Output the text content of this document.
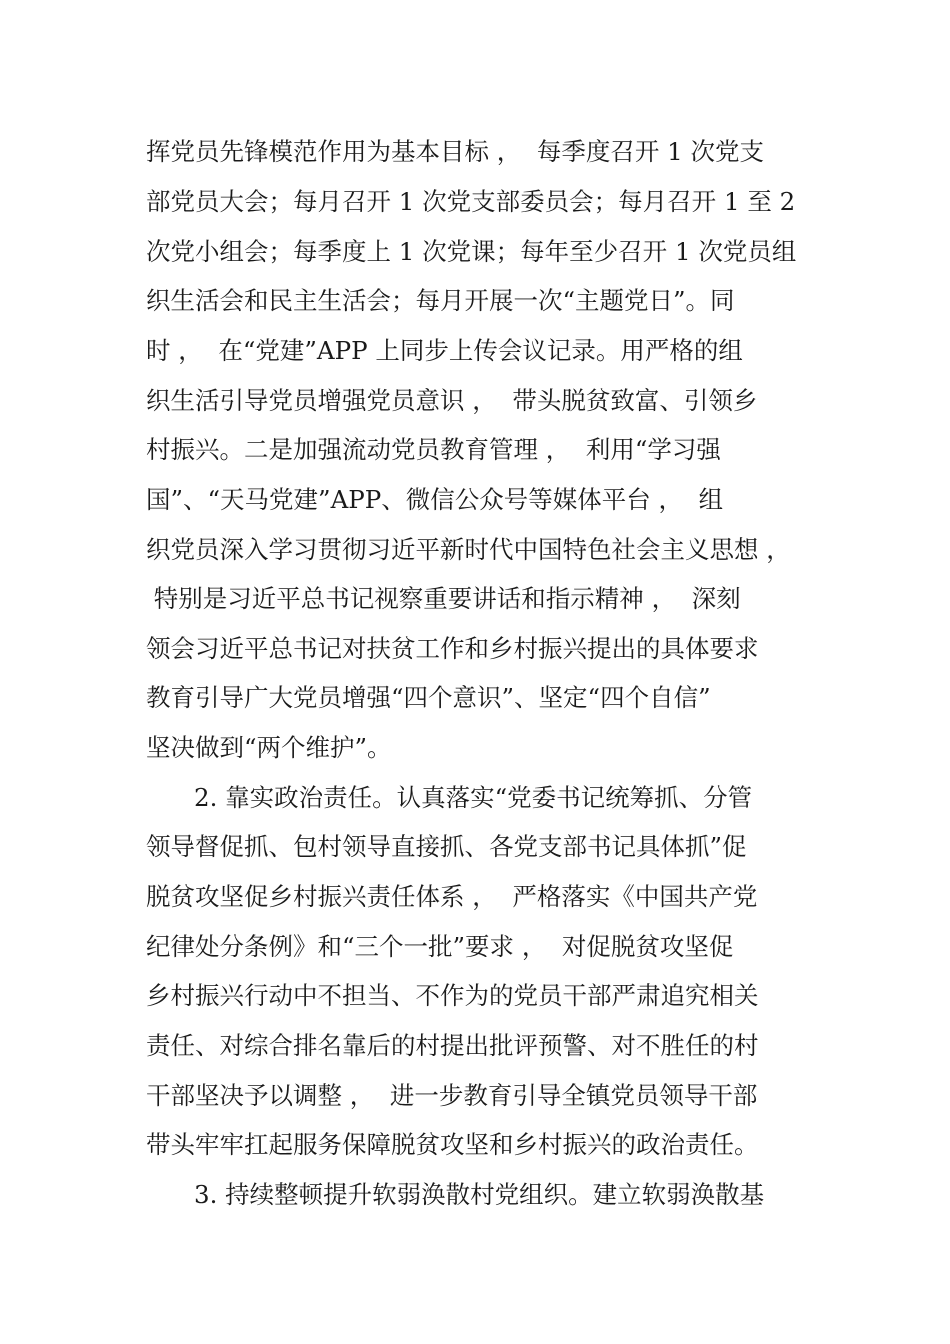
挥党员先锋模范作用为基本目标 ，  每季度召开 1 次党支
部党员大会；每月召开 1 次党支部委员会；每月召开 1 至 2
次党小组会；每季度上 1 次党课；每年至少召开 1 次党员组
织生活会和民主生活会；每月开展一次“主题党日”。同
时 ，  在“党建”APP 上同步上传会议记录。用严格的组
织生活引导党员增强党员意识 ，  带头脱贫致富、引领乡
村振兴。二是加强流动党员教育管理 ，  利用“学习强
国”、“天马党建”APP、微信公众号等媒体平台 ，  组
织党员深入学习贯彻习近平新时代中国特色社会主义思想 ，
特别是习近平总书记视察重要讲话和指示精神 ，  深刻
领会习近平总书记对扶贫工作和乡村振兴提出的具体要求
教育引导广大党员增强“四个意识”、坚定“四个自信”
坚决做到“两个维护”。
2. 靠实政治责任。认真落实“党委书记统筹抓、分管
领导督促抓、包村领导直接抓、各党支部书记具体抓”促
脱贫攻坚促乡村振兴责任体系 ，  严格落实《中国共产党
纪律处分条例》和“三个一批”要求 ，  对促脱贫攻坚促
乡村振兴行动中不担当、不作为的党员干部严肃追究相关
责任、对综合排名靠后的村提出批评预警、对不胜任的村
干部坚决予以调整 ，  进一步教育引导全镇党员领导干部
带头牢牢扛起服务保障脱贫攻坚和乡村振兴的政治责任。
3. 持续整顿提升软弱涣散村党组织。建立软弱涣散基
